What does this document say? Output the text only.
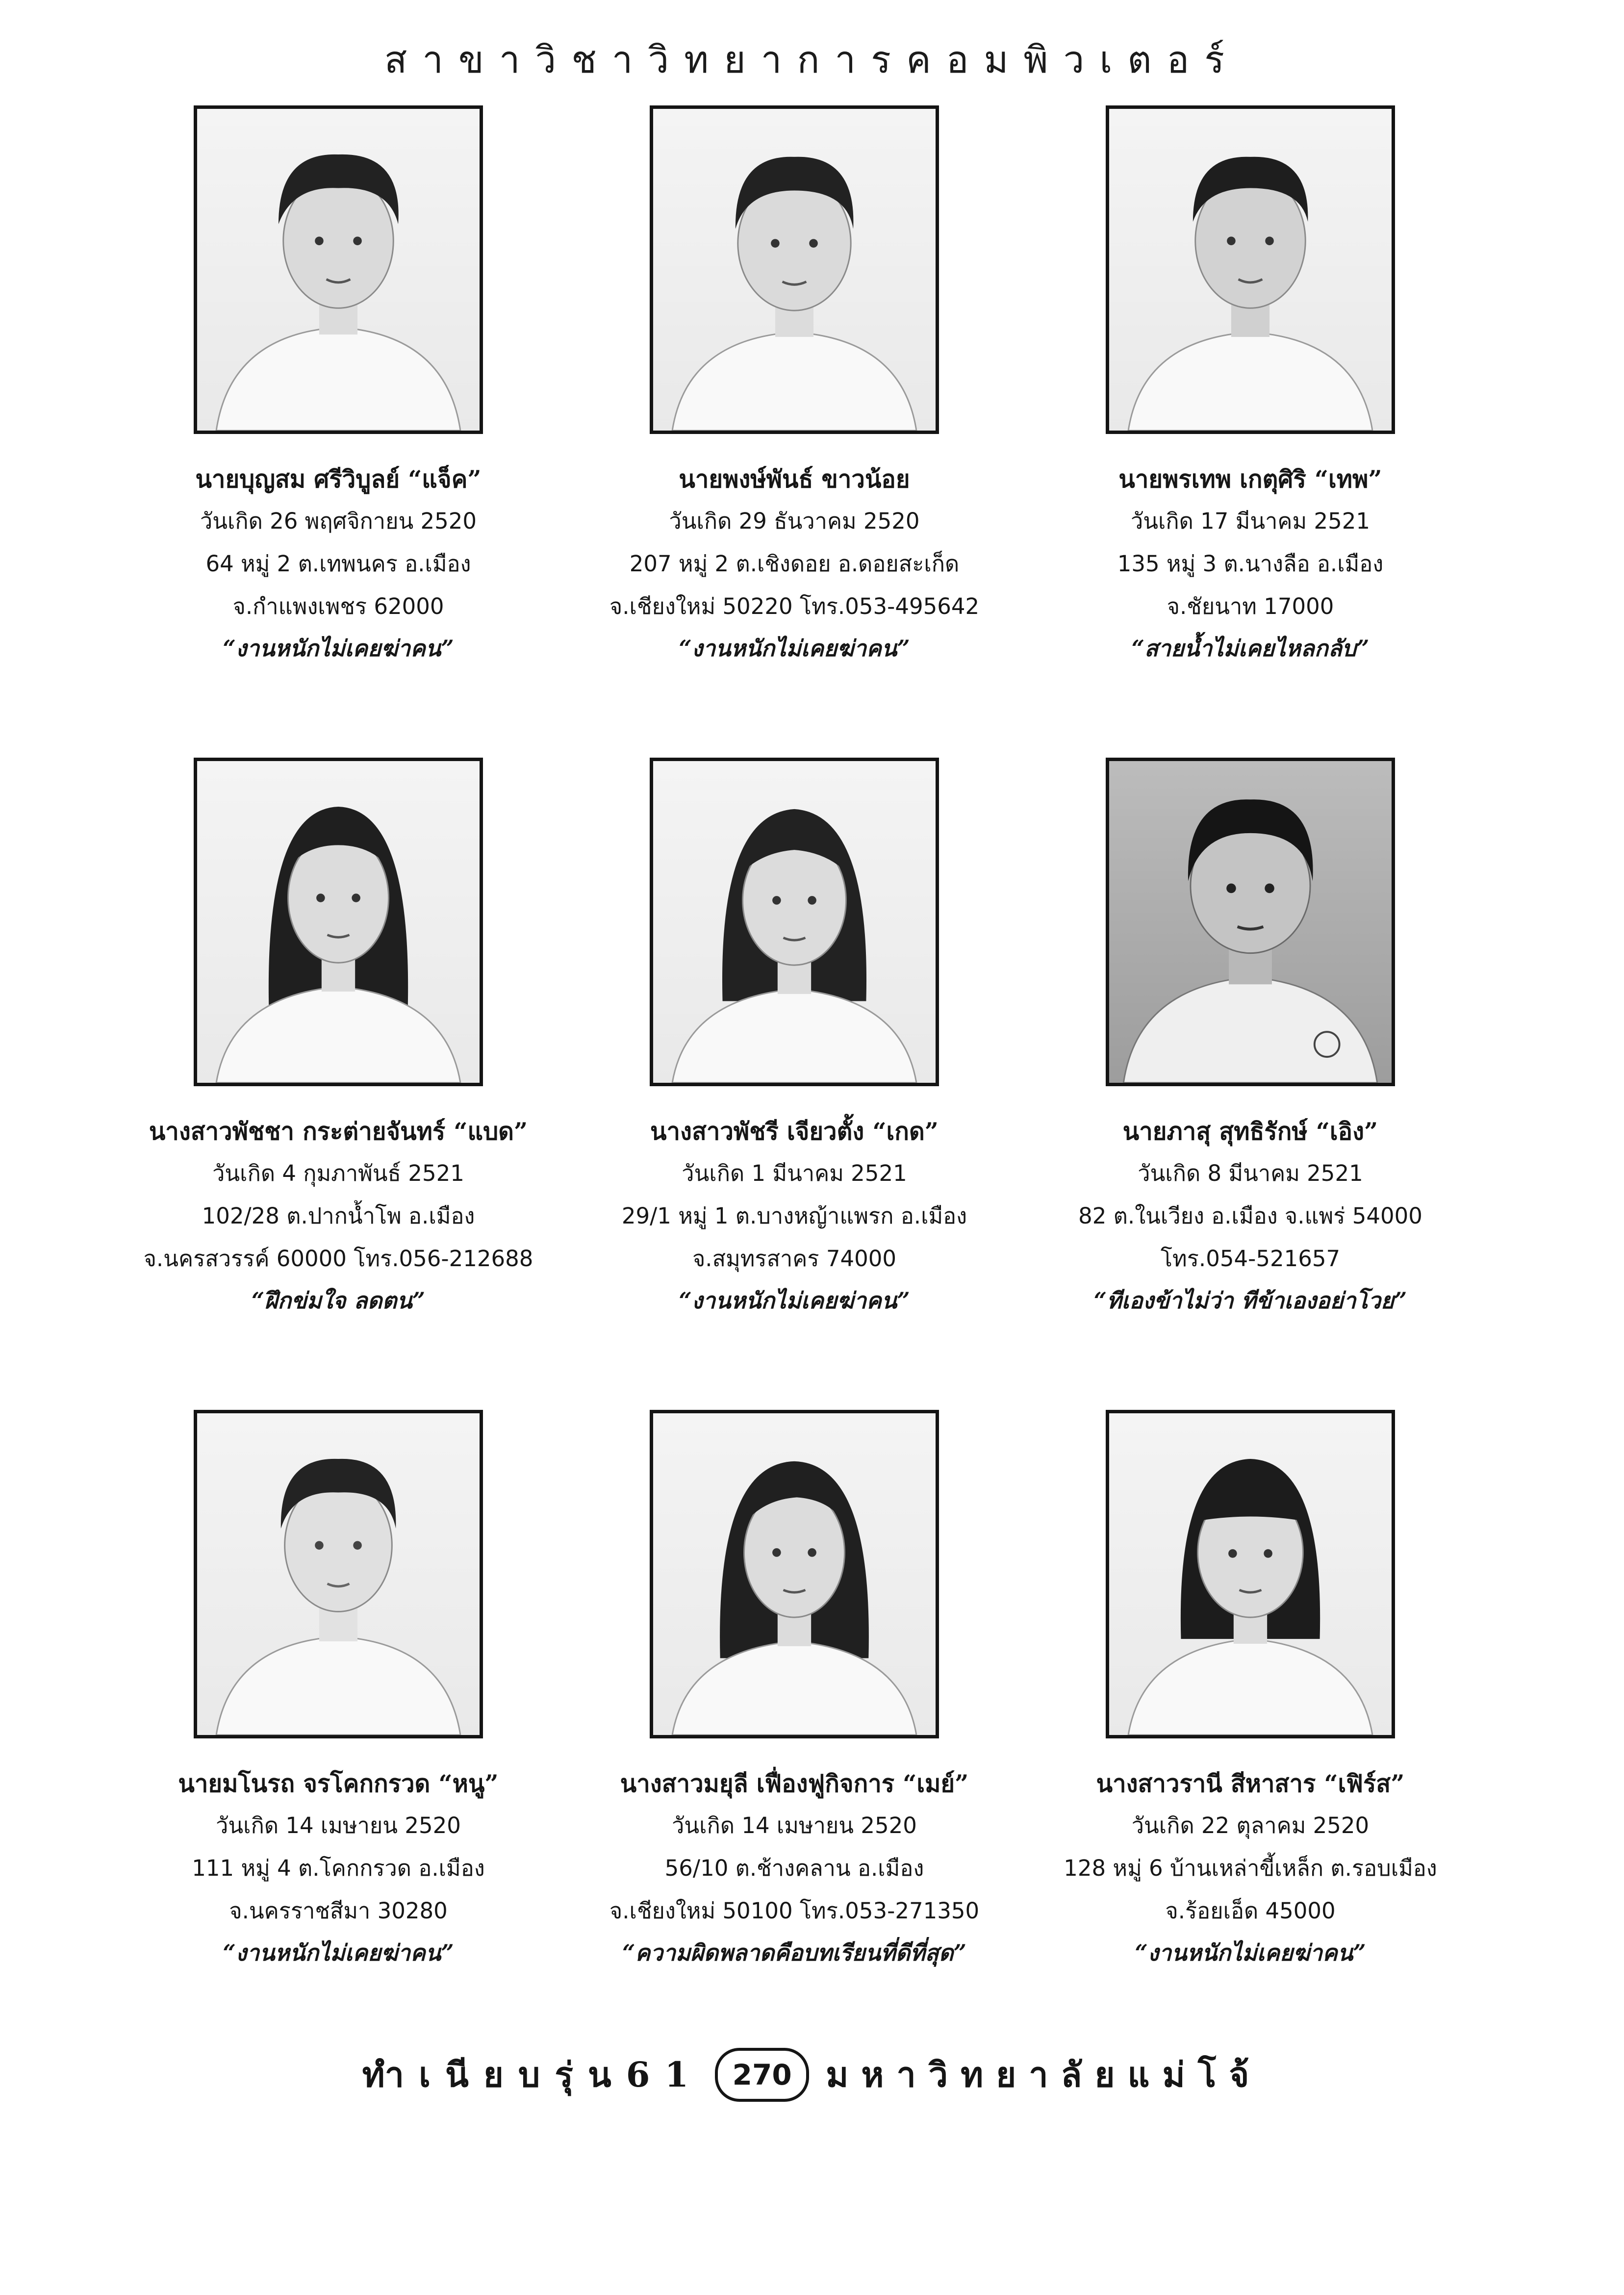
สาขาวิชาวิทยาการคอมพิวเตอร์
นายบุญสม ศรีวิบูลย์ “แจ็ค”
วันเกิด 26 พฤศจิกายน 2520
64 หมู่ 2 ต.เทพนคร อ.เมือง
จ.กำแพงเพชร 62000
“งานหนักไม่เคยฆ่าคน”
นายพงษ์พันธ์ ขาวน้อย
วันเกิด 29 ธันวาคม 2520
207 หมู่ 2 ต.เชิงดอย อ.ดอยสะเก็ด
จ.เชียงใหม่ 50220 โทร.053-495642
“งานหนักไม่เคยฆ่าคน”
นายพรเทพ เกตุศิริ “เทพ”
วันเกิด 17 มีนาคม 2521
135 หมู่ 3 ต.นางลือ อ.เมือง
จ.ชัยนาท 17000
“สายน้ำไม่เคยไหลกลับ”
นางสาวพัชชา กระต่ายจันทร์ “แบด”
วันเกิด 4 กุมภาพันธ์ 2521
102/28 ต.ปากน้ำโพ อ.เมือง
จ.นครสวรรค์ 60000 โทร.056-212688
“ฝึกข่มใจ ลดตน”
นางสาวพัชรี เจียวตั้ง “เกด”
วันเกิด 1 มีนาคม 2521
29/1 หมู่ 1 ต.บางหญ้าแพรก อ.เมือง
จ.สมุทรสาคร 74000
“งานหนักไม่เคยฆ่าคน”
นายภาสุ สุทธิรักษ์ “เอิง”
วันเกิด 8 มีนาคม 2521
82 ต.ในเวียง อ.เมือง จ.แพร่ 54000
โทร.054-521657
“ทีเองข้าไม่ว่า ทีข้าเองอย่าโวย”
นายมโนรถ จรโคกกรวด “หนู”
วันเกิด 14 เมษายน 2520
111 หมู่ 4 ต.โคกกรวด อ.เมือง
จ.นครราชสีมา 30280
“งานหนักไม่เคยฆ่าคน”
นางสาวมยุลี เฟื่องฟูกิจการ “เมย์”
วันเกิด 14 เมษายน 2520
56/10 ต.ช้างคลาน อ.เมือง
จ.เชียงใหม่ 50100 โทร.053-271350
“ความผิดพลาดคือบทเรียนที่ดีที่สุด”
นางสาวรานี สีหาสาร “เฟิร์ส”
วันเกิด 22 ตุลาคม 2520
128 หมู่ 6 บ้านเหล่าขี้เหล็ก ต.รอบเมือง
จ.ร้อยเอ็ด 45000
“งานหนักไม่เคยฆ่าคน”
ทำเนียบรุ่น61	270 มหาวิทยาลัยแม่โจ้
